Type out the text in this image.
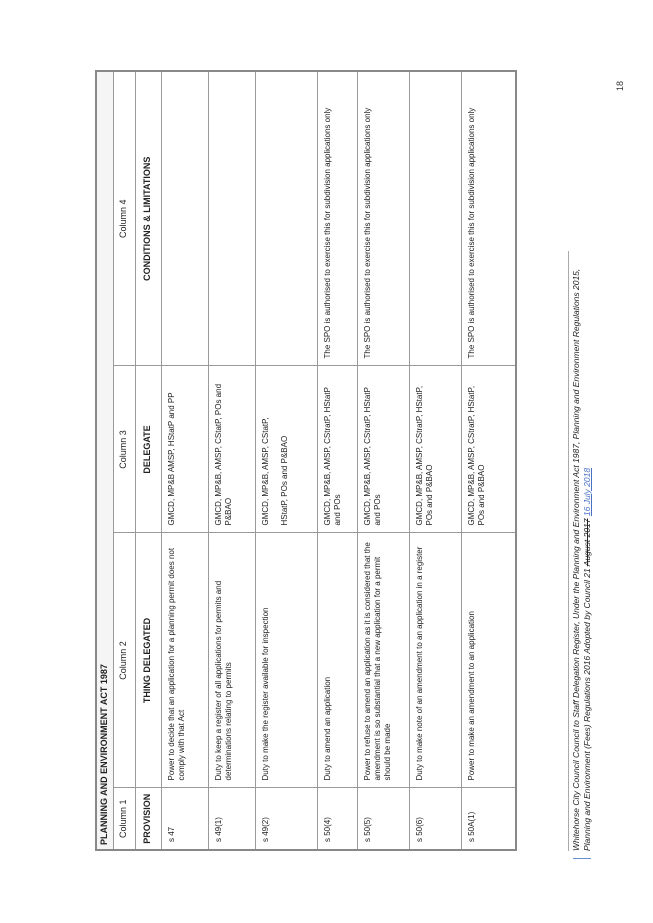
PLANNING AND ENVIRONMENT ACT 1987			
Column 1	Column 2	Column 3	Column 4
PROVISION	THING DELEGATED	DELEGATE	CONDITIONS & LIMITATIONS
s 47	Power to decide that an application for a planning permit does not comply with that Act	GMCD, MP&B AMSP, HStatP and PP	
s 49(1)	Duty to keep a register of all applications for permits and determinations relating to permits	GMCD, MP&B, AMSP, CStatP, POs and P&BAO	
s 49(2)	Duty to make the register available for inspection	GMCD, MP&B, AMSP, CStatP, HStatP, POs and P&BAO	

s 50(4)	Duty to amend an application	GMCD, MP&B, AMSP, CStratP, HStatP and POs	The SPO is authorised to exercise this for subdivision applications only
s 50(5)	Power to refuse to amend an application as it is considered that the amendment is so substantial that a new application for a permit should be made	GMCD, MP&B, AMSP, CStratP, HStatP and POs	The SPO is authorised to exercise this for subdivision applications only
s 50(6)	Duty to make note of an amendment to an application in a register	GMCD, MP&B, AMSP, CStratP, HStatP, POs and P&BAO	
s 50A(1)	Power to make an amendment to an application	GMCD, MP&B, AMSP, CStratP, HStatP, POs and P&BAO	The SPO is authorised to exercise this for subdivision applications only
Whitehorse City Council Council to Staff Delegation Register, Under the Planning and Environment Act 1987, Planning and Environment Regulations 2015, Planning and Environment (Fees) Regulations 2016 Adopted by Council 21 August 2017 16 July 2018
18
